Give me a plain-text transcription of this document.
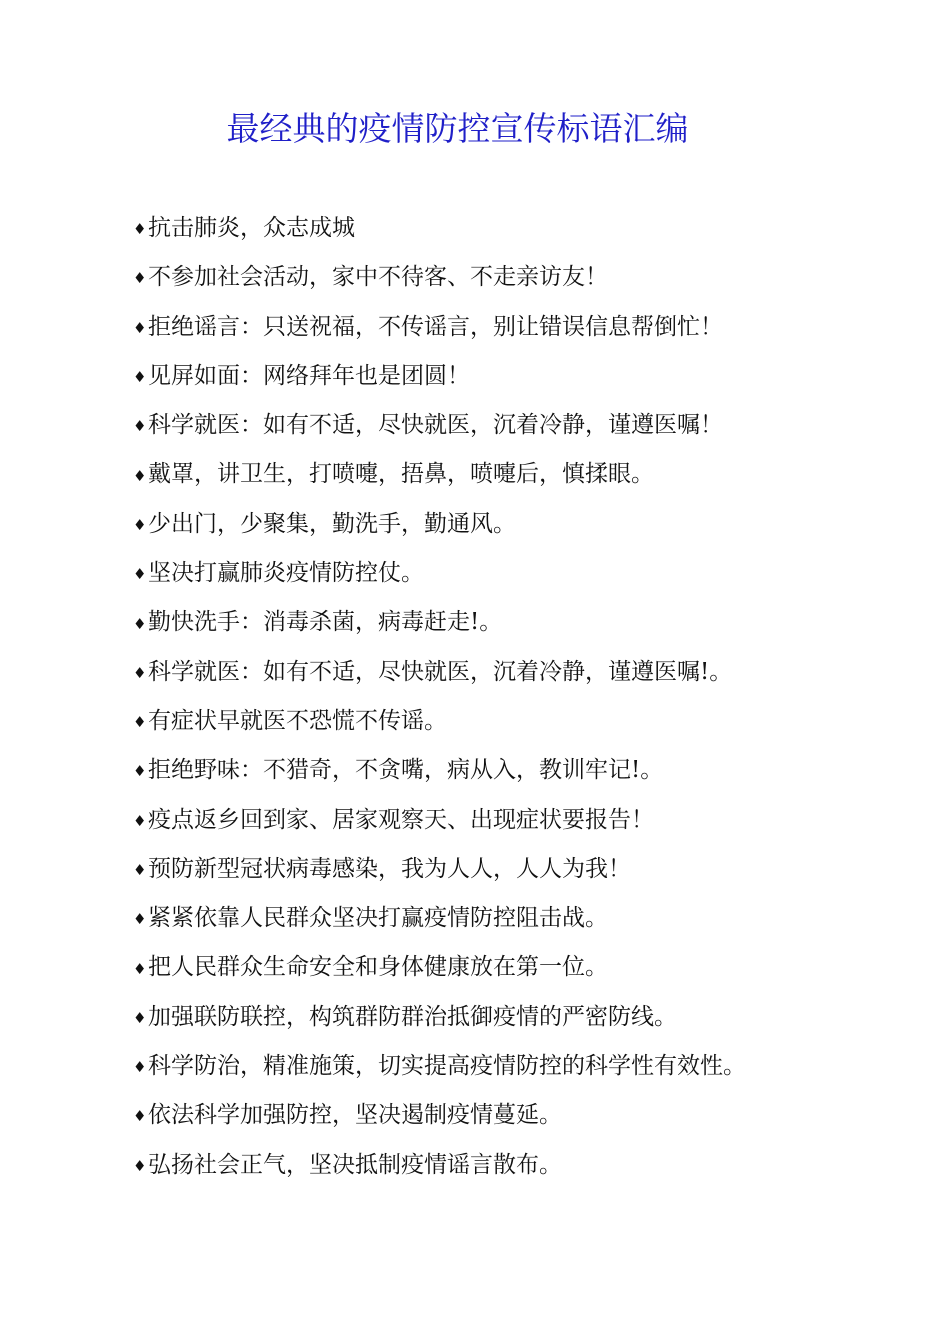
最经典的疫情防控宣传标语汇编
♦ 抗击肺炎，众志成城
♦ 不参加社会活动，家中不待客、不走亲访友！
♦ 拒绝谣言：只送祝福，不传谣言，别让错误信息帮倒忙！
♦ 见屏如面：网络拜年也是团圆！
♦ 科学就医：如有不适，尽快就医，沉着冷静，谨遵医嘱！
♦ 戴罩，讲卫生，打喷嚏，捂鼻，喷嚏后，慎揉眼。
♦ 少出门，少聚集，勤洗手，勤通风。
♦ 坚决打赢肺炎疫情防控仗。
♦ 勤快洗手：消毒杀菌，病毒赶走!。
♦ 科学就医：如有不适，尽快就医，沉着冷静，谨遵医嘱!。
♦ 有症状早就医不恐慌不传谣。
♦ 拒绝野味：不猎奇，不贪嘴，病从入，教训牢记!。
♦ 疫点返乡回到家、居家观察天、出现症状要报告！
♦ 预防新型冠状病毒感染，我为人人，人人为我！
♦ 紧紧依靠人民群众坚决打赢疫情防控阻击战。
♦ 把人民群众生命安全和身体健康放在第一位。
♦ 加强联防联控，构筑群防群治抵御疫情的严密防线。
♦ 科学防治，精准施策，切实提高疫情防控的科学性有效性。
♦ 依法科学加强防控，坚决遏制疫情蔓延。
♦ 弘扬社会正气，坚决抵制疫情谣言散布。
